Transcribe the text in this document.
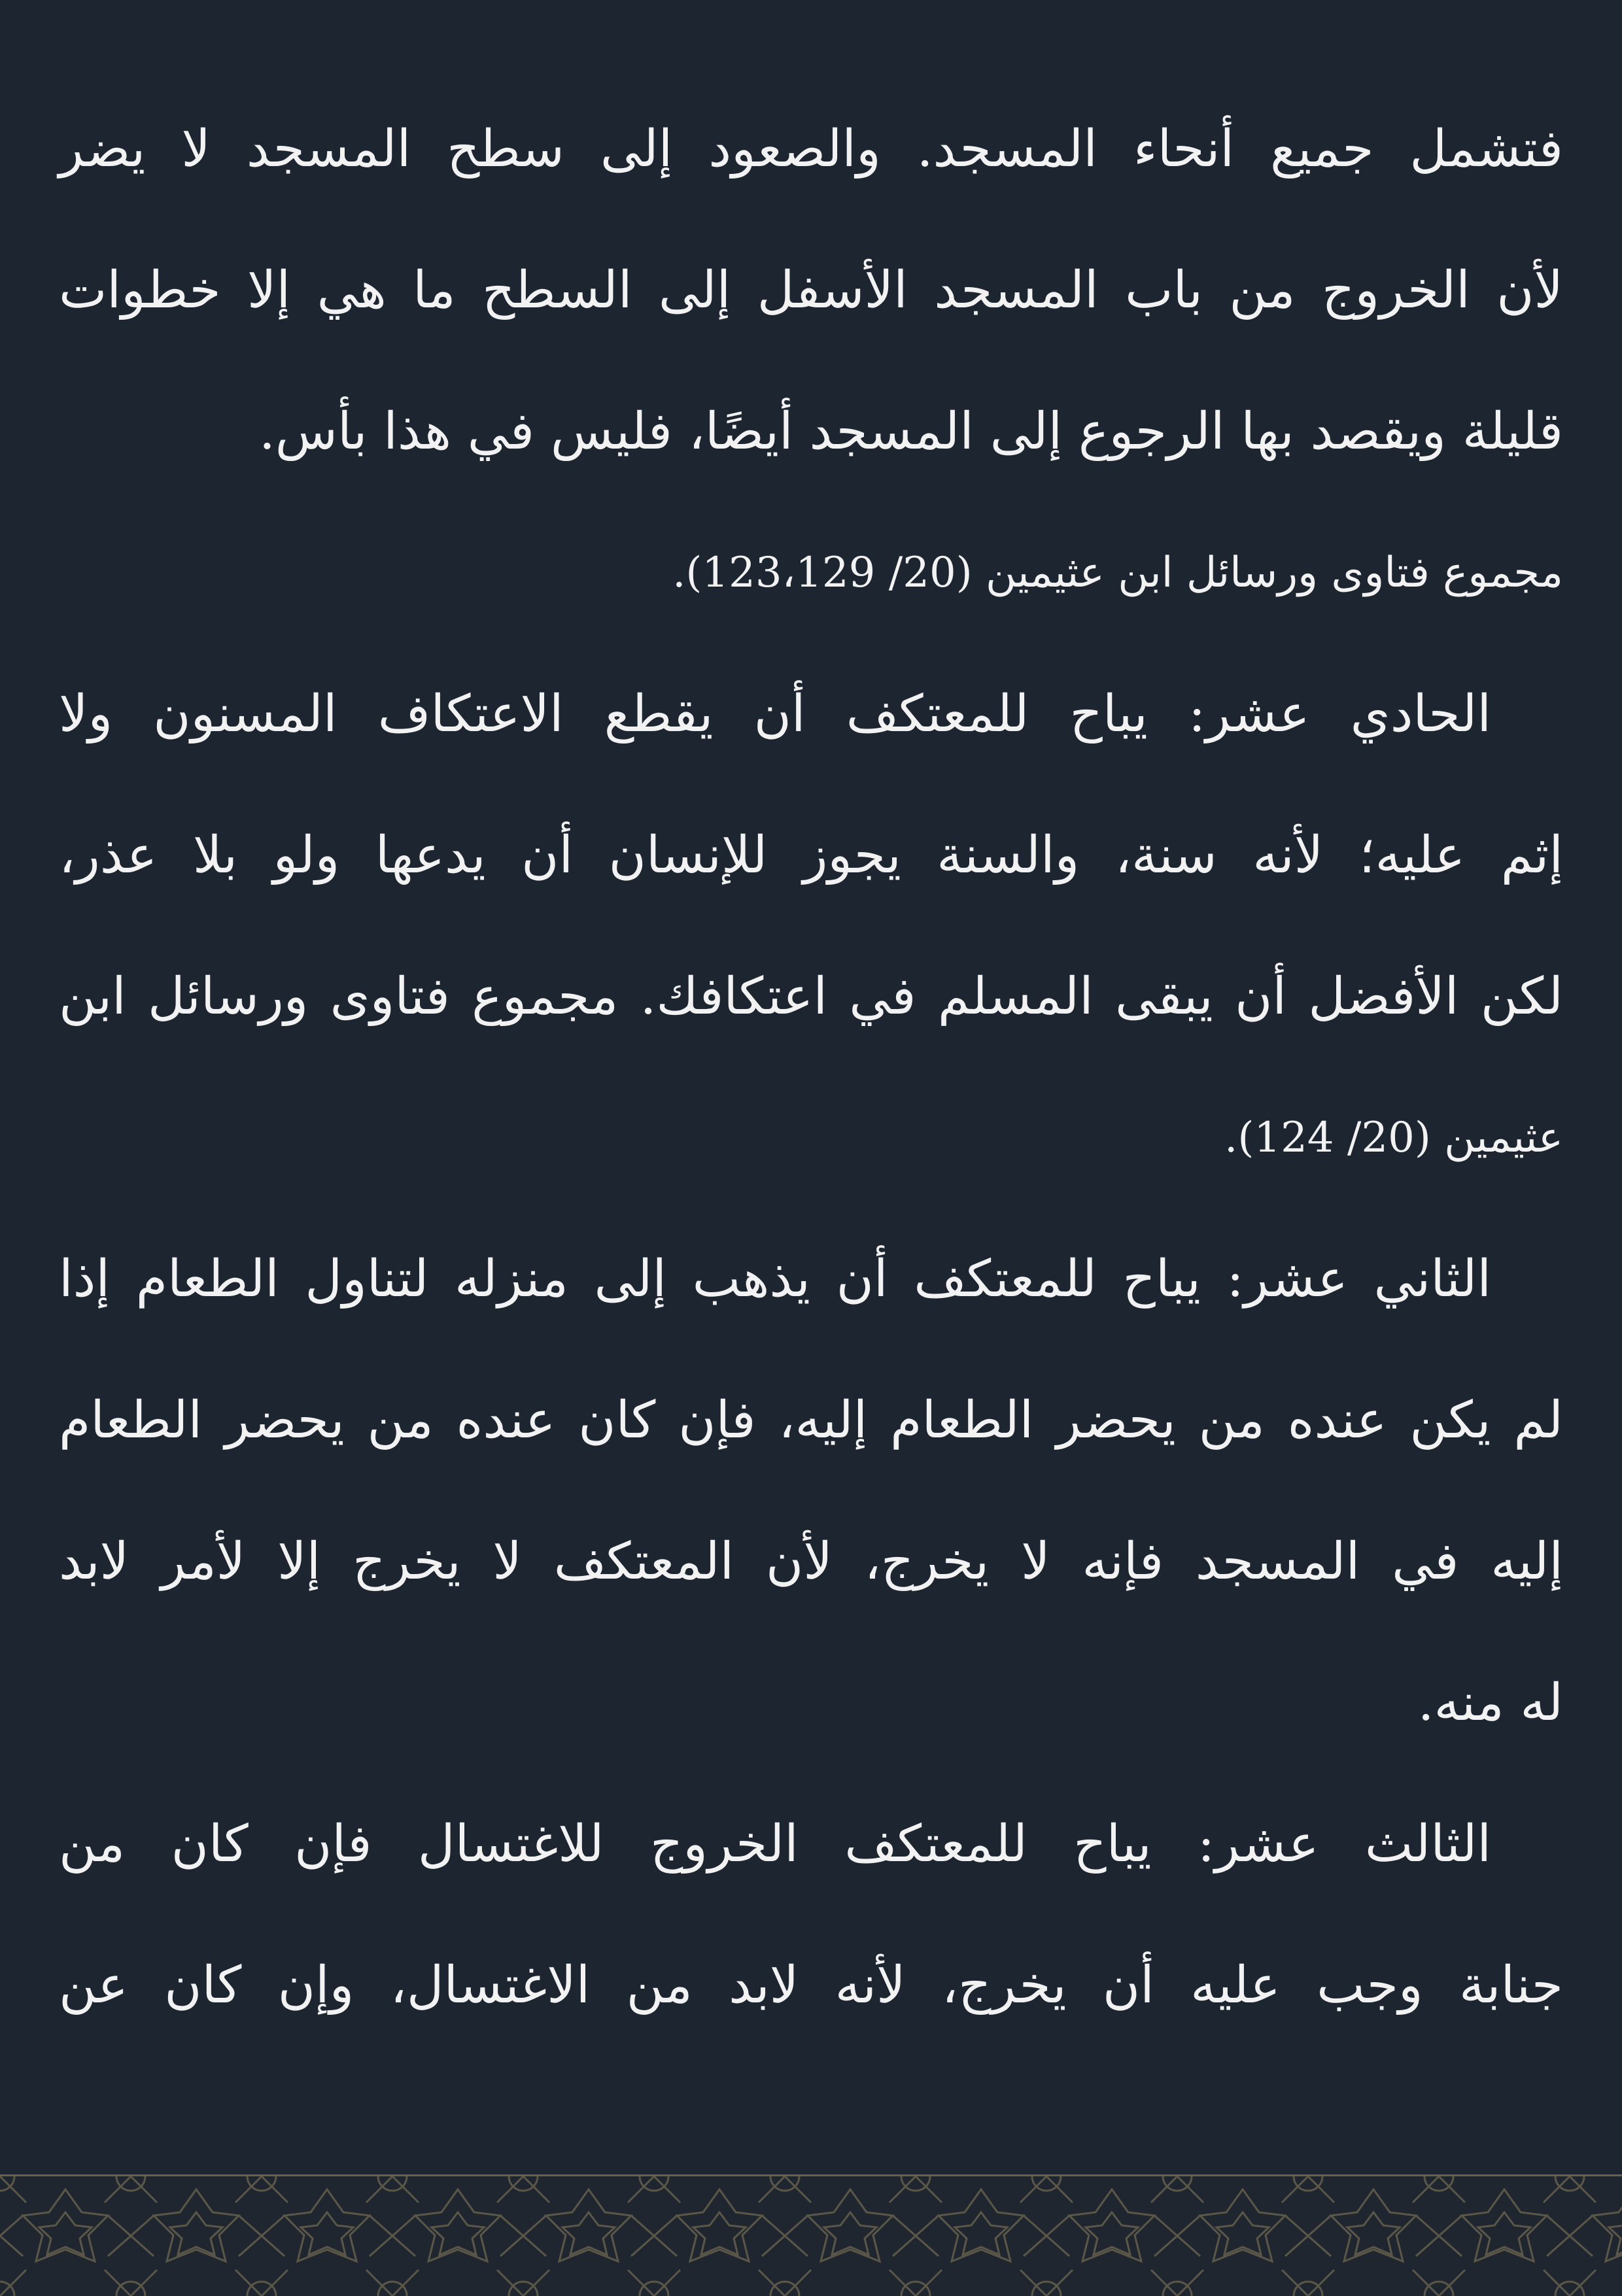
فتشمل جميع أنحاء المسجد. والصعود إلى سطح المسجد لا يضر
لأن الخروج من باب المسجد الأسفل إلى السطح ما هي إلا خطوات
قليلة ويقصد بها الرجوع إلى المسجد أيضًا، فليس في هذا بأس.
مجموع فتاوى ورسائل ابن عثيمين (20/ 123،129).
الحادي عشر: يباح للمعتكف أن يقطع الاعتكاف المسنون ولا
إثم عليه؛ لأنه سنة، والسنة يجوز للإنسان أن يدعها ولو بلا عذر،
لكن الأفضل أن يبقى المسلم في اعتكافك. مجموع فتاوى ورسائل ابن
عثيمين (20/ 124).
الثاني عشر: يباح للمعتكف أن يذهب إلى منزله لتناول الطعام إذا
لم يكن عنده من يحضر الطعام إليه، فإن كان عنده من يحضر الطعام
إليه في المسجد فإنه لا يخرج، لأن المعتكف لا يخرج إلا لأمر لابد
له منه.
الثالث عشر: يباح للمعتكف الخروج للاغتسال فإن كان من
جنابة وجب عليه أن يخرج، لأنه لابد من الاغتسال، وإن كان عن
